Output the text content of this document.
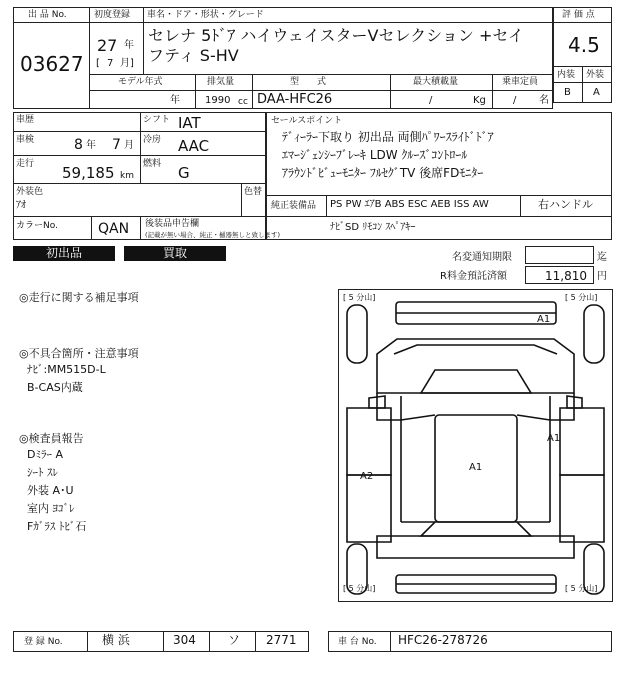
出 品 No.
03627
初度登録 車名・ドア・形状・グレード
27 年
[ 7 月]
セレナ 5ﾄﾞｱ ハイウェイスターVセレクション +セイフティ S-HV
モデル年式	排気量	型　　式	最大積載量	乗車定員
年	1990 cc DAA-HFC26	/	Kg	/ 名
評 価 点
4.5
内装 外装
B A
車歴	シフト IAT
車検	8 年 7 月 冷房 AAC
走行 59,185 km
燃料 G
外装色
ｱｵ
色替
カラーNo.	QAN
セールスポイント
ﾃﾞｨｰﾗｰ下取り 初出品 両側ﾊﾟﾜｰｽﾗｲﾄﾞﾄﾞｱ
ｴﾏｰｼﾞｪﾝｼｰﾌﾞﾚｰｷ LDW ｸﾙｰｽﾞｺﾝﾄﾛｰﾙ
ｱﾗｳﾝﾄﾞﾋﾞｭｰﾓﾆﾀｰ ﾌﾙｾｸﾞTV 後席FDﾓﾆﾀｰ
純正装備品 PS PW ｴｱB ABS ESC AEB ISS AW	右ハンドル
後装品申告欄
(記載が無い場合、純正・樋器無しと致します)
ﾅﾋﾞSD ﾘﾓｺﾝ ｽﾍﾟｱｷｰ
初出品	買取	名変通知期限	迄
R料金預託済額	11,810 円
◎走行に関する補足事項
◎不具合箇所・注意事項
ﾅﾋﾞ:MM515D-L
B-CAS内蔵
◎検査員報告
Dﾐﾗｰ A
ｼｰﾄ ｽﾚ
外装 A･U
室内 ﾖｺﾞﾚ
Fｶﾞﾗｽ ﾄﾋﾞ石
[ 5 分山]	[ 5 分山]
[ 5 分山]	[ 5 分山]
A1
A1
A2
A1
登 録 No.	横 浜	304	ソ 2771	車 台 No. HFC26-278726
